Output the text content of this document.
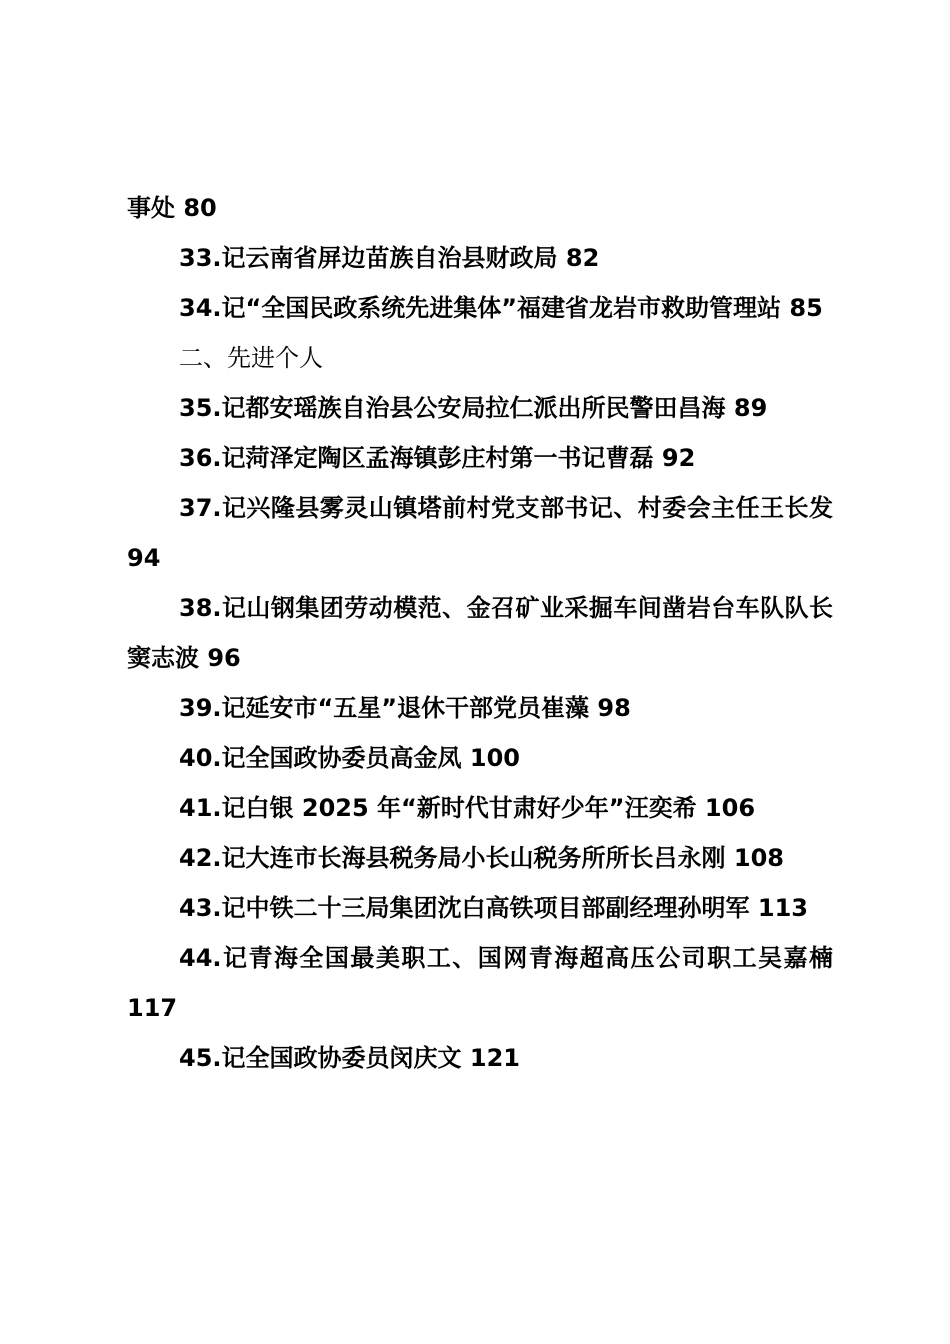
事处 80

33.记云南省屏边苗族自治县财政局 82

34.记“全国民政系统先进集体”福建省龙岩市救助管理站 85

二、先进个人

35.记都安瑶族自治县公安局拉仁派出所民警田昌海 89

36.记菏泽定陶区孟海镇彭庄村第一书记曹磊 92

37.记兴隆县雾灵山镇塔前村党支部书记、村委会主任王长发 94

38.记山钢集团劳动模范、金召矿业采掘车间凿岩台车队队长窦志波 96

39.记延安市“五星”退休干部党员崔藻 98

40.记全国政协委员高金凤 100

41.记白银 2025 年“新时代甘肃好少年”汪奕希 106

42.记大连市长海县税务局小长山税务所所长吕永刚 108

43.记中铁二十三局集团沈白高铁项目部副经理孙明军 113

44.记青海全国最美职工、国网青海超高压公司职工吴嘉楠 117

45.记全国政协委员闵庆文 121
